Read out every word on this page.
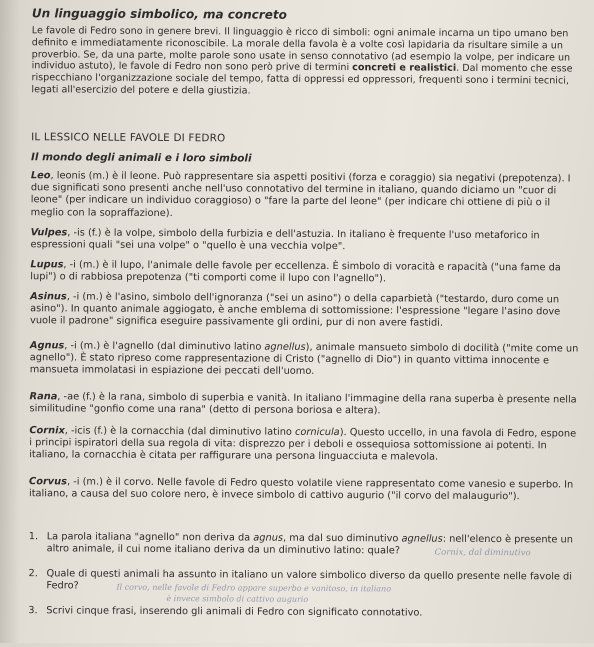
Un linguaggio simbolico, ma concreto

Le favole di Fedro sono in genere brevi. Il linguaggio è ricco di simboli: ogni animale incarna un tipo umano ben definito e immediatamente riconoscibile. La morale della favola è a volte così lapidaria da risultare simile a un proverbio. Se, da una parte, molte parole sono usate in senso connotativo (ad esempio la volpe, per indicare un individuo astuto), le favole di Fedro non sono però prive di termini concreti e realistici. Dal momento che esse rispecchiano l'organizzazione sociale del tempo, fatta di oppressi ed oppressori, frequenti sono i termini tecnici, legati all'esercizio del potere e della giustizia.

IL LESSICO NELLE FAVOLE DI FEDRO
Il mondo degli animali e i loro simboli

Leo, leonis (m.) è il leone. Può rappresentare sia aspetti positivi (forza e coraggio) sia negativi (prepotenza). I due significati sono presenti anche nell'uso connotativo del termine in italiano, quando diciamo un "cuor di leone" (per indicare un individuo coraggioso) o "fare la parte del leone" (per indicare chi ottiene di più o il meglio con la sopraffazione).

Vulpes, -is (f.) è la volpe, simbolo della furbizia e dell'astuzia. In italiano è frequente l'uso metaforico in espressioni quali "sei una volpe" o "quello è una vecchia volpe".

Lupus, -i (m.) è il lupo, l'animale delle favole per eccellenza. È simbolo di voracità e rapacità ("una fame da lupi") o di rabbiosa prepotenza ("ti comporti come il lupo con l'agnello").

Asinus, -i (m.) è l'asino, simbolo dell'ignoranza ("sei un asino") o della caparbietà ("testardo, duro come un asino"). In quanto animale aggiogato, è anche emblema di sottomissione: l'espressione "legare l'asino dove vuole il padrone" significa eseguire passivamente gli ordini, pur di non avere fastidi.

Agnus, -i (m.) è l'agnello (dal diminutivo latino agnellus), animale mansueto simbolo di docilità ("mite come un agnello"). È stato ripreso come rappresentazione di Cristo ("agnello di Dio") in quanto vittima innocente e mansueta immolatasi in espiazione dei peccati dell'uomo.

Rana, -ae (f.) è la rana, simbolo di superbia e vanità. In italiano l'immagine della rana superba è presente nella similitudine "gonfio come una rana" (detto di persona boriosa e altera).

Cornix, -icis (f.) è la cornacchia (dal diminutivo latino cornicula). Questo uccello, in una favola di Fedro, espone i principi ispiratori della sua regola di vita: disprezzo per i deboli e ossequiosa sottomissione ai potenti. In italiano, la cornacchia è citata per raffigurare una persona linguacciuta e malevola.

Corvus, -i (m.) è il corvo. Nelle favole di Fedro questo volatile viene rappresentato come vanesio e superbo. In italiano, a causa del suo colore nero, è invece simbolo di cattivo augurio ("il corvo del malaugurio").

1. La parola italiana "agnello" non deriva da agnus, ma dal suo diminutivo agnellus: nell'elenco è presente un altro animale, il cui nome italiano deriva da un diminutivo latino: quale?
2. Quale di questi animali ha assunto in italiano un valore simbolico diverso da quello presente nelle favole di Fedro?
3. Scrivi cinque frasi, inserendo gli animali di Fedro con significato connotativo.
Cornix, dal diminutivo
Il corvo, nelle favole di Fedro appare superbo e vanitoso, in italiano
è invece simbolo di cattivo augurio
